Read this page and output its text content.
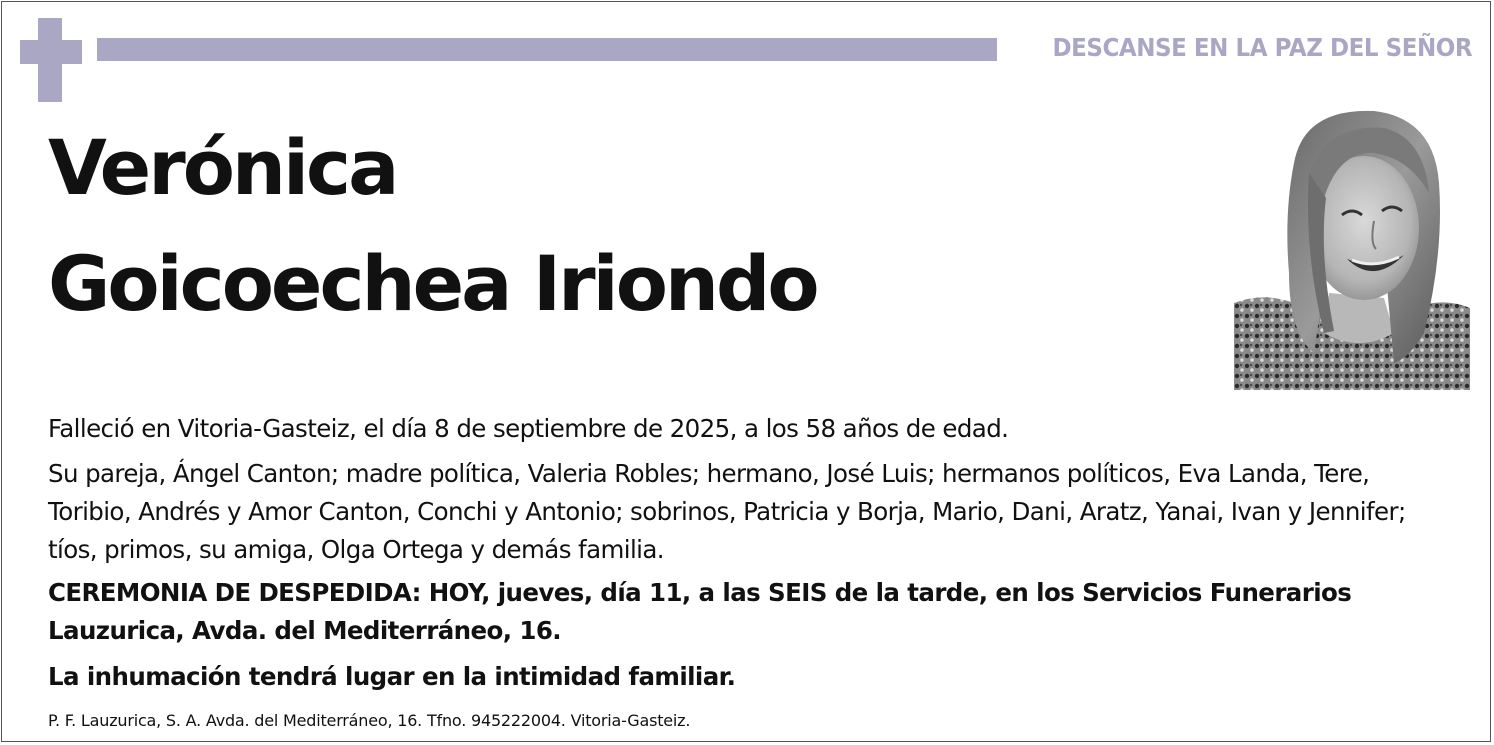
DESCANSE EN LA PAZ DEL SEÑOR
Verónica
Goicoechea Iriondo
Falleció en Vitoria-Gasteiz, el día 8 de septiembre de 2025, a los 58 años de edad.
Su pareja, Ángel Canton; madre política, Valeria Robles; hermano, José Luis; hermanos políticos, Eva Landa, Tere, Toribio, Andrés y Amor Canton, Conchi y Antonio; sobrinos, Patricia y Borja, Mario, Dani, Aratz, Yanai, Ivan y Jennifer; tíos, primos, su amiga, Olga Ortega y demás familia.
CEREMONIA DE DESPEDIDA: HOY, jueves, día 11, a las SEIS de la tarde, en los Servicios Funerarios Lauzurica, Avda. del Mediterráneo, 16.
La inhumación tendrá lugar en la intimidad familiar.
P. F. Lauzurica, S. A. Avda. del Mediterráneo, 16. Tfno. 945222004. Vitoria-Gasteiz.
